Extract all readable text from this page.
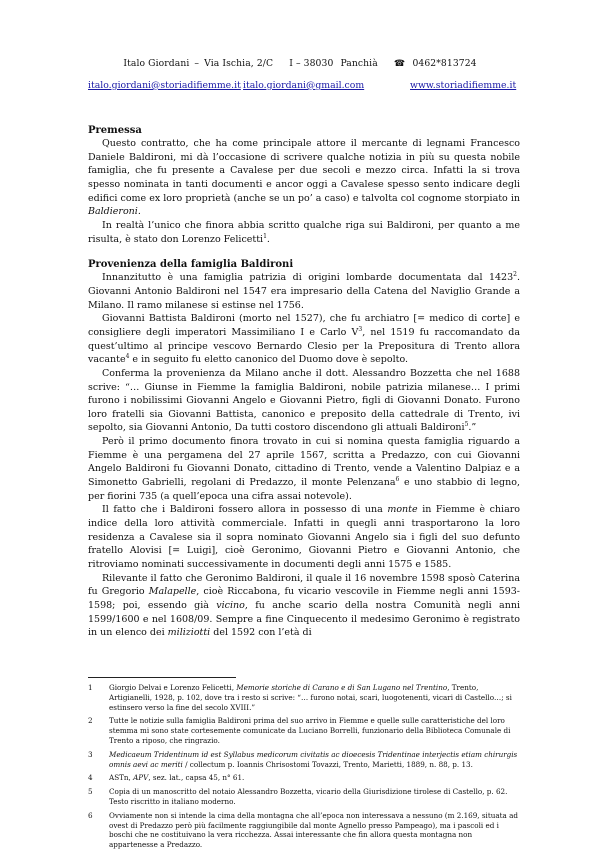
Italo Giordani – Via Ischia, 2/C I – 38030 Panchià ☎ 0462*813724
italo.giordani@storiadifiemme.it italo.giordani@gmail.com	www.storiadifiemme.it
Premessa

Questo contratto, che ha come principale attore il mercante di legnami Francesco Daniele Baldironi, mi dà l’occasione di scrivere qualche notizia in più su questa nobile famiglia, che fu presente a Cavalese per due secoli e mezzo circa. Infatti la si trova spesso nominata in tanti documenti e ancor oggi a Cavalese spesso sento indicare degli edifici come ex loro proprietà (anche se un po’ a caso) e talvolta col cognome storpiato in Baldieroni.

In realtà l’unico che finora abbia scritto qualche riga sui Baldironi, per quanto a me risulta, è stato don Lorenzo Felicetti$^1$.

Provenienza della famiglia Baldironi

Innanzitutto è una famiglia patrizia di origini lombarde documentata dal 1423$^2$. Giovanni Antonio Baldironi nel 1547 era impresario della Catena del Naviglio Grande a Milano. Il ramo milanese si estinse nel 1756.

Giovanni Battista Baldironi (morto nel 1527), che fu archiatro [= medico di corte] e consigliere degli imperatori Massimiliano I e Carlo $V^3$, nel 1519 fu raccomandato da quest’ultimo al principe vescovo Bernardo Clesio per la Prepositura di Trento allora vacante$^4$ e in seguito fu eletto canonico del Duomo dove è sepolto.

Conferma la provenienza da Milano anche il dott. Alessandro Bozzetta che nel 1688 scrive: “… Giunse in Fiemme la famiglia Baldironi, nobile patrizia milanese… I primi furono i nobilissimi Giovanni Angelo e Giovanni Pietro, figli di Giovanni Donato. Furono loro fratelli sia Giovanni Battista, canonico e preposito della cattedrale di Trento, ivi sepolto, sia Giovanni Antonio, Da tutti costoro discendono gli attuali Baldironi$^5$.”

Però il primo documento finora trovato in cui si nomina questa famiglia riguardo a Fiemme è una pergamena del 27 aprile 1567, scritta a Predazzo, con cui Giovanni Angelo Baldironi fu Giovanni Donato, cittadino di Trento, vende a Valentino Dalpiaz e a Simonetto Gabrielli, regolani di Predazzo, il monte Pelenzana$^6$ e uno stabbio di legno, per fiorini 735 (a quell’epoca una cifra assai notevole).

Il fatto che i Baldironi fossero allora in possesso di una monte in Fiemme è chiaro indice della loro attività commerciale. Infatti in quegli anni trasportarono la loro residenza a Cavalese sia il sopra nominato Giovanni Angelo sia i figli del suo defunto fratello Alovisi [= Luigi], cioè Geronimo, Giovanni Pietro e Giovanni Antonio, che ritroviamo nominati successivamente in documenti degli anni 1575 e 1585.

Rilevante il fatto che Geronimo Baldironi, il quale il 16 novembre 1598 sposò Caterina fu Gregorio Malapelle, cioè Riccabona, fu vicario vescovile in Fiemme negli anni 1593-1598; poi, essendo già vicino, fu anche scario della nostra Comunità negli anni 1599/1600 e nel 1608/09. Sempre a fine Cinquecento il medesimo Geronimo è registrato in un elenco dei miliziotti del 1592 con l’età di

1	Giorgio Delvai e Lorenzo Felicetti, Memorie storiche di Carano e di San Lugano nel Trentino, Trento, Artigianelli, 1928, p. 102, dove tra i resto si scrive: “… furono notai, scari, luogotenenti, vicari di Castello…; si estinsero verso la fine del secolo XVIII.”
2	Tutte le notizie sulla famiglia Baldironi prima del suo arrivo in Fiemme e quelle sulle caratteristiche del loro stemma mi sono state cortesemente comunicate da Luciano Borrelli, funzionario della Biblioteca Comunale di Trento a riposo, che ringrazio.
3	Medicaeum Tridentinum id est Syllabus medicorum civitatis ac dioecesis Tridentinae interjectis etiam chirurgis omnis aevi ac meriti / collectum p. Ioannis Chrisostomi Tovazzi, Trento, Marietti, 1889, n. 88, p. 13.
4	ASTn, APV, sez. lat., capsa 45, n° 61.
5	Copia di un manoscritto del notaio Alessandro Bozzetta, vicario della Giurisdizione tirolese di Castello, p. 62. Testo riscritto in italiano moderno.
6	Ovviamente non si intende la cima della montagna che all’epoca non interessava a nessuno (m 2.169, situata ad ovest di Predazzo però più facilmente raggiungibile dal monte Agnello presso Pampeago), ma i pascoli ed i boschi che ne costituivano la vera ricchezza. Assai interessante che fin allora questa montagna non appartenesse a Predazzo.
